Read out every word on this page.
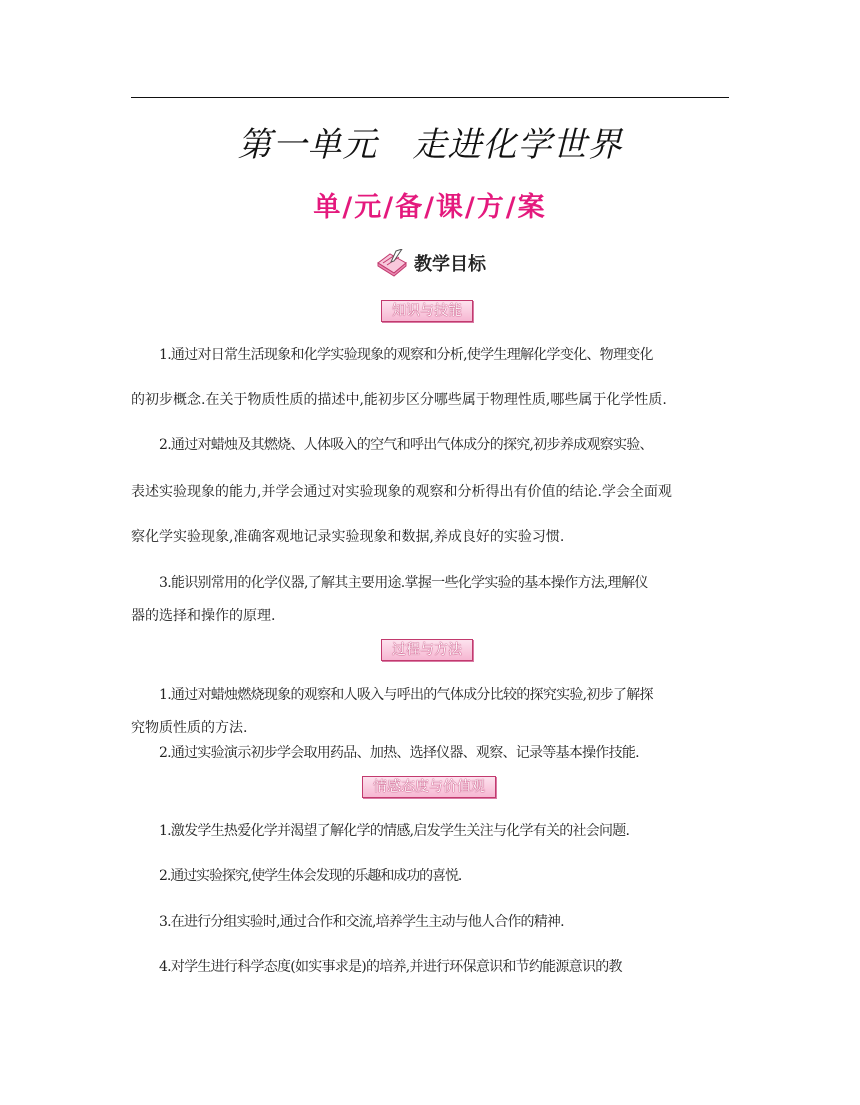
第一单元　走进化学世界
单/元/备/课/方/案
教学目标
知识与技能
1.通过对日常生活现象和化学实验现象的观察和分析,使学生理解化学变化、物理变化
的初步概念.在关于物质性质的描述中,能初步区分哪些属于物理性质,哪些属于化学性质.
2.通过对蜡烛及其燃烧、人体吸入的空气和呼出气体成分的探究,初步养成观察实验、
表述实验现象的能力,并学会通过对实验现象的观察和分析得出有价值的结论.学会全面观
察化学实验现象,准确客观地记录实验现象和数据,养成良好的实验习惯.
3.能识别常用的化学仪器,了解其主要用途.掌握一些化学实验的基本操作方法,理解仪
器的选择和操作的原理.
过程与方法
1.通过对蜡烛燃烧现象的观察和人吸入与呼出的气体成分比较的探究实验,初步了解探
究物质性质的方法.
2.通过实验演示初步学会取用药品、加热、选择仪器、观察、记录等基本操作技能.
情感态度与价值观
1.激发学生热爱化学并渴望了解化学的情感,启发学生关注与化学有关的社会问题.
2.通过实验探究,使学生体会发现的乐趣和成功的喜悦.
3.在进行分组实验时,通过合作和交流,培养学生主动与他人合作的精神.
4.对学生进行科学态度(如实事求是)的培养,并进行环保意识和节约能源意识的教
